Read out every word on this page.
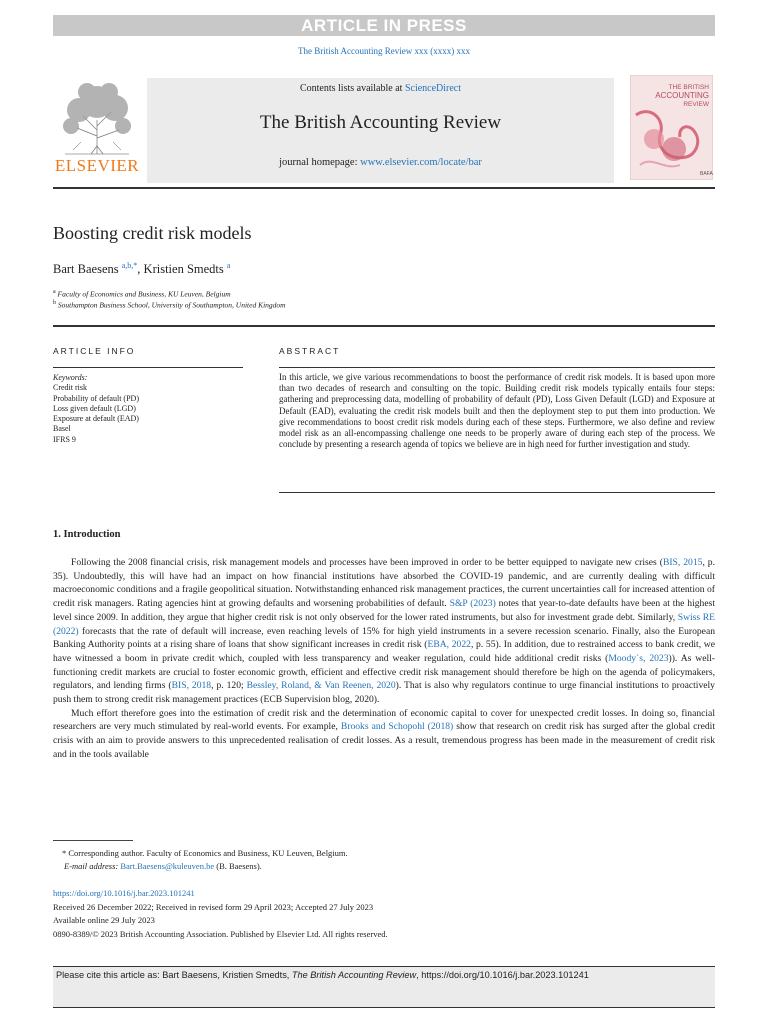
ARTICLE IN PRESS
The British Accounting Review xxx (xxxx) xxx
ELSEVIER
Contents lists available at ScienceDirect
The British Accounting Review
journal homepage: www.elsevier.com/locate/bar
THE BRITISH
ACCOUNTING
REVIEW
BAFA
Boosting credit risk models
Bart Baesens $^{a,b,*}$, Kristien Smedts $^a$
$^a$ Faculty of Economics and Business, KU Leuven, Belgium
$^b$ Southampton Business School, University of Southampton, United Kingdom
ARTICLE INFO	ABSTRACT
Keywords:
Credit risk
Probability of default (PD)
Loss given default (LGD)
Exposure at default (EAD)
Basel
IFRS 9
In this article, we give various recommendations to boost the performance of credit risk models. It is based upon more than two decades of research and consulting on the topic. Building credit risk models typically entails four steps: gathering and preprocessing data, modelling of probability of default (PD), Loss Given Default (LGD) and Exposure at Default (EAD), evaluating the credit risk models built and then the deployment step to put them into production. We give recommendations to boost credit risk models during each of these steps. Furthermore, we also define and review model risk as an all-encompassing challenge one needs to be properly aware of during each step of the process. We conclude by presenting a research agenda of topics we believe are in high need for further investigation and study.
1. Introduction

Following the 2008 financial crisis, risk management models and processes have been improved in order to be better equipped to navigate new crises (BIS, 2015, p. 35). Undoubtedly, this will have had an impact on how financial institutions have absorbed the COVID-19 pandemic, and are currently dealing with difficult macroeconomic conditions and a fragile geopolitical situation. Notwithstanding enhanced risk management practices, the current uncertainties call for increased attention of credit risk managers. Rating agencies hint at growing defaults and worsening probabilities of default. S&P (2023) notes that year-to-date defaults have been at the highest level since 2009. In addition, they argue that higher credit risk is not only observed for the lower rated instruments, but also for investment grade debt. Similarly, Swiss RE (2022) forecasts that the rate of default will increase, even reaching levels of 15% for high yield instruments in a severe recession scenario. Finally, also the European Banking Authority points at a rising share of loans that show significant increases in credit risk (EBA, 2022, p. 55). In addition, due to restrained access to bank credit, we have witnessed a boom in private credit which, coupled with less transparency and weaker regulation, could hide additional credit risks (Moody`s, 2023)). As well-functioning credit markets are crucial to foster economic growth, efficient and effective credit risk management should therefore be high on the agenda of policymakers, regulators, and lending firms (BIS, 2018, p. 120; Bessley, Roland, & Van Reenen, 2020). That is also why regulators continue to urge financial institutions to proactively push them to strong credit risk management practices (ECB Supervision blog, 2020).

Much effort therefore goes into the estimation of credit risk and the determination of economic capital to cover for unexpected credit losses. In doing so, financial researchers are very much stimulated by real-world events. For example, Brooks and Schopohl (2018) show that research on credit risk has surged after the global credit crisis with an aim to provide answers to this unprecedented realisation of credit losses. As a result, tremendous progress has been made in the measurement of credit risk and in the tools available

* Corresponding author. Faculty of Economics and Business, KU Leuven, Belgium.
E-mail address: Bart.Baesens@kuleuven.be (B. Baesens).
https://doi.org/10.1016/j.bar.2023.101241
Received 26 December 2022; Received in revised form 29 April 2023; Accepted 27 July 2023
Available online 29 July 2023
0890-8389/© 2023 British Accounting Association. Published by Elsevier Ltd. All rights reserved.
Please cite this article as: Bart Baesens, Kristien Smedts, The British Accounting Review, https://doi.org/10.1016/j.bar.2023.101241
